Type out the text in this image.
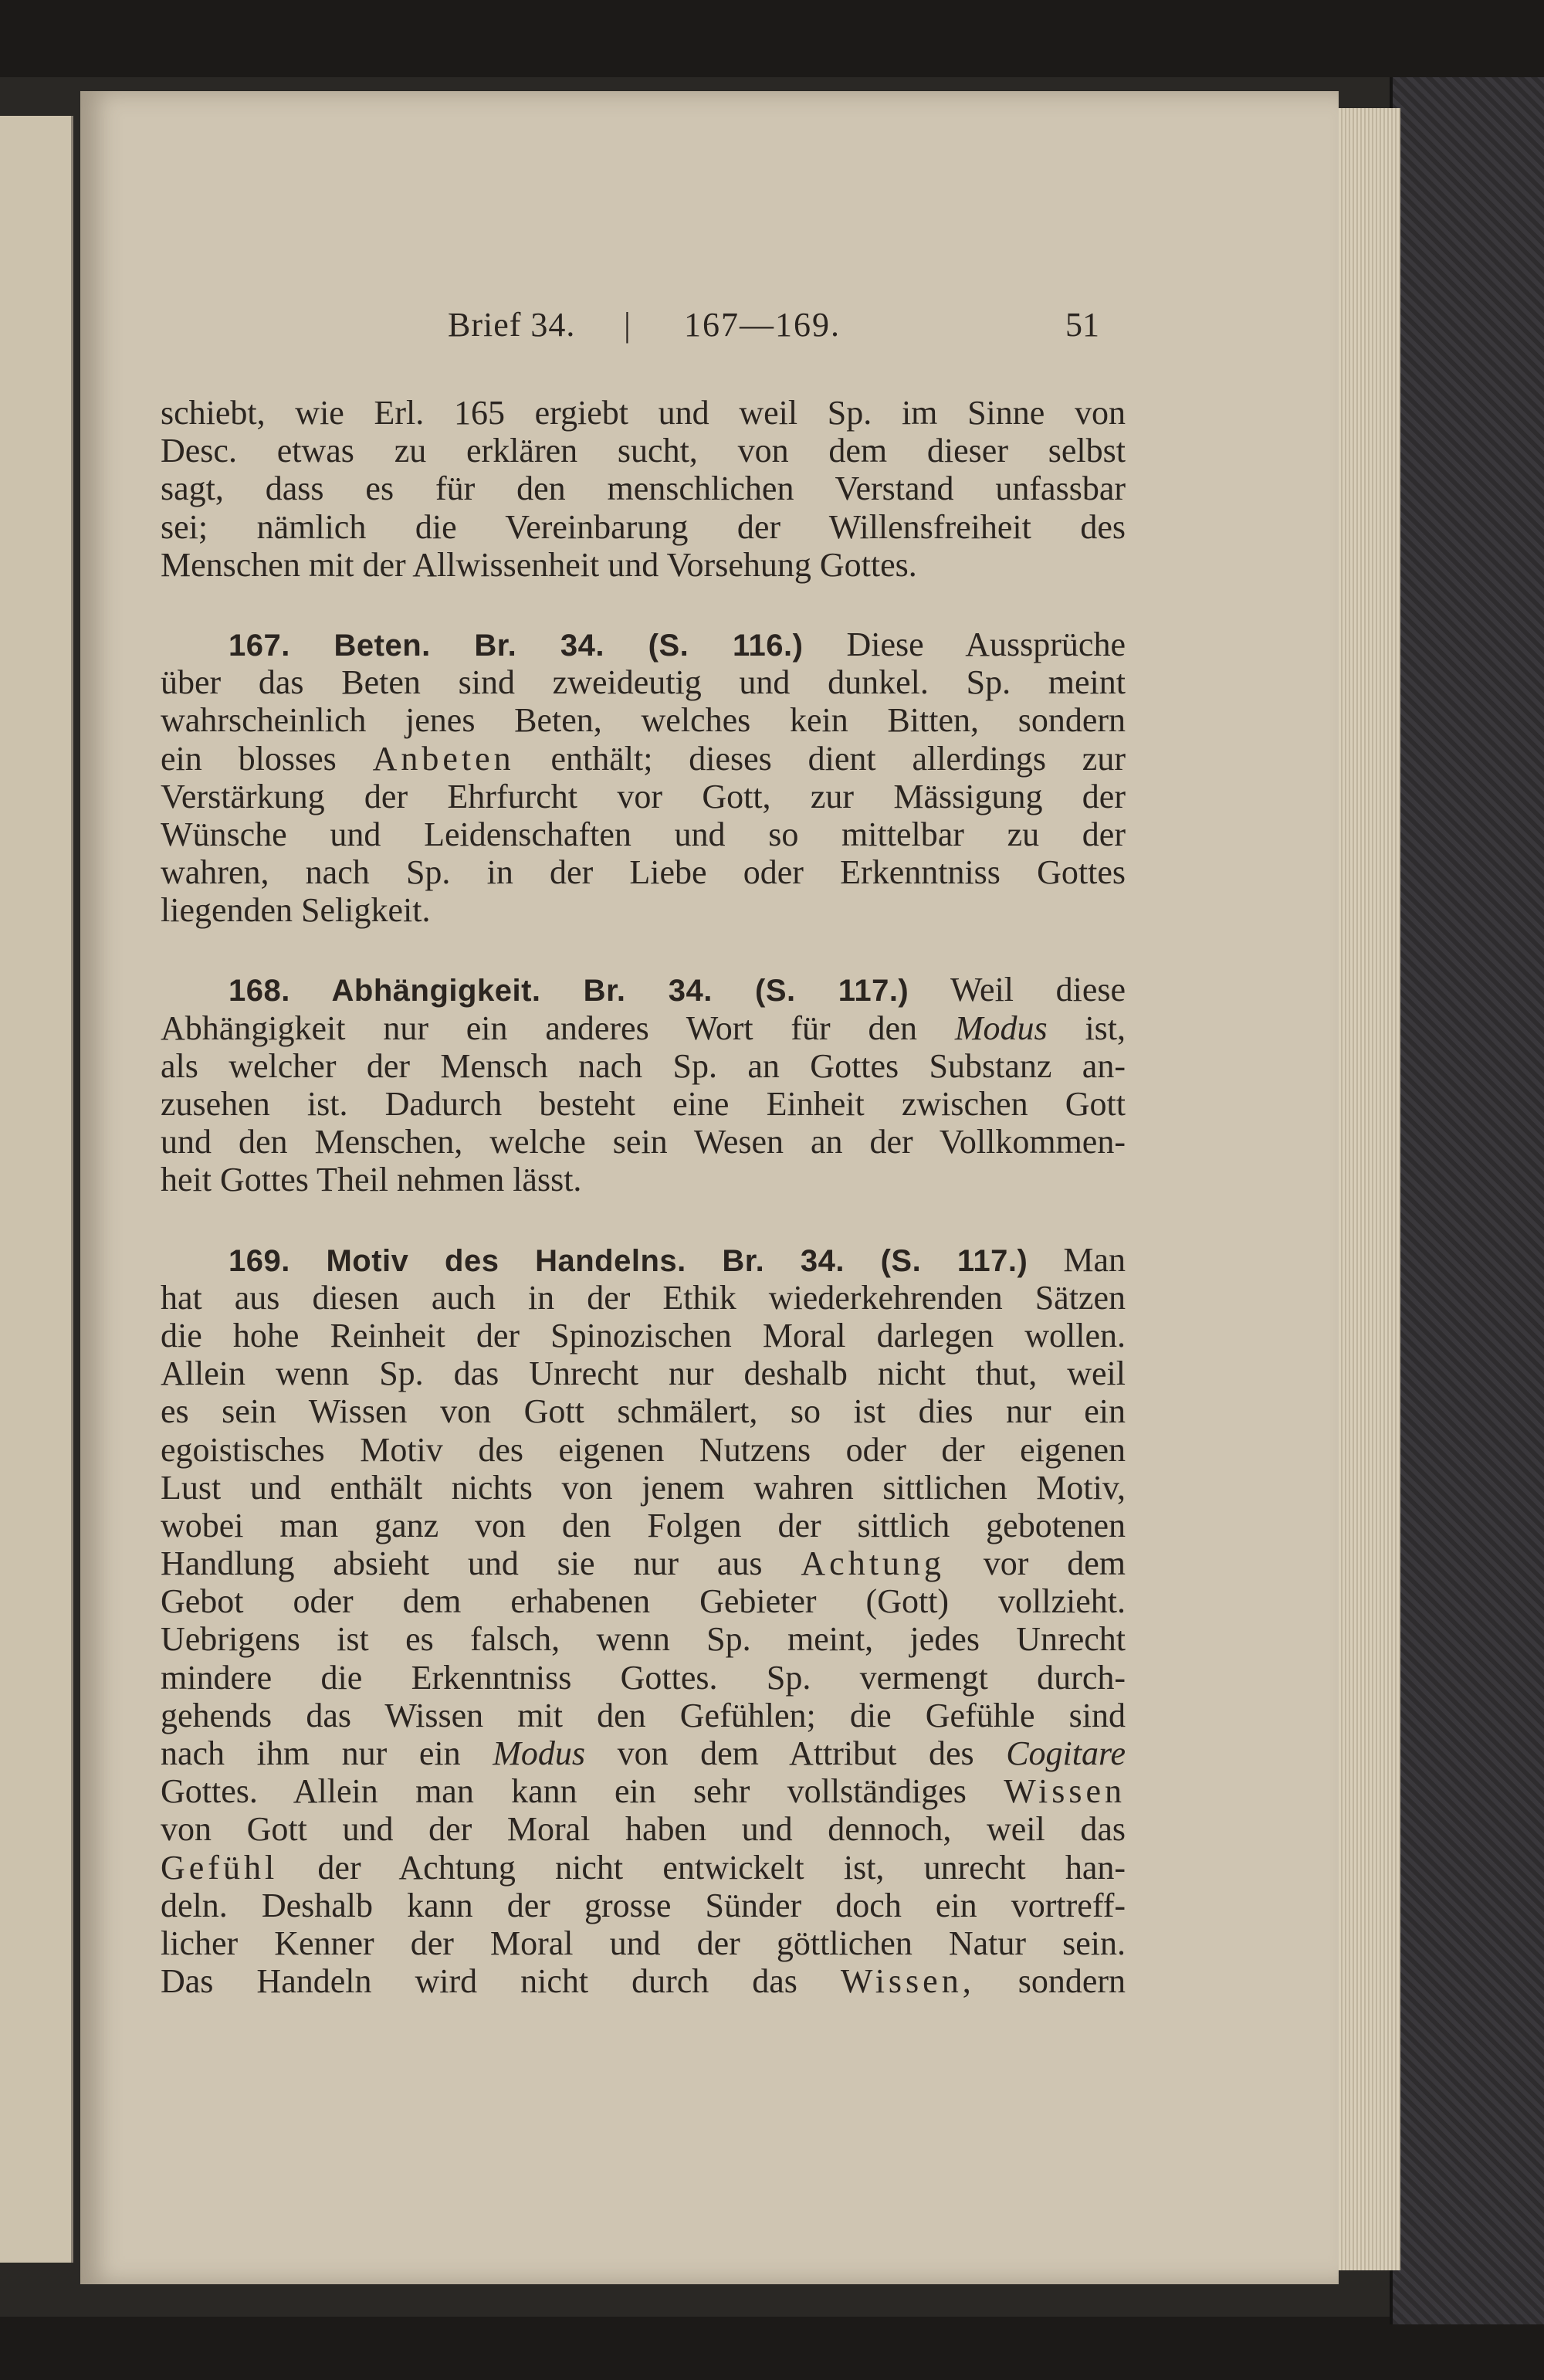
Brief 34. | 167—169.	51
schiebt, wie Erl. 165 ergiebt und weil Sp. im Sinne von
Desc. etwas zu erklären sucht, von dem dieser selbst
sagt, dass es für den menschlichen Verstand unfassbar
sei; nämlich die Vereinbarung der Willensfreiheit des
Menschen mit der Allwissenheit und Vorsehung Gottes.
167. Beten. Br. 34. (S. 116.) Diese Aussprüche
über das Beten sind zweideutig und dunkel. Sp. meint
wahrscheinlich jenes Beten, welches kein Bitten, sondern
ein blosses Anbeten enthält; dieses dient allerdings zur
Verstärkung der Ehrfurcht vor Gott, zur Mässigung der
Wünsche und Leidenschaften und so mittelbar zu der
wahren, nach Sp. in der Liebe oder Erkenntniss Gottes
liegenden Seligkeit.
168. Abhängigkeit. Br. 34. (S. 117.) Weil diese
Abhängigkeit nur ein anderes Wort für den Modus ist,
als welcher der Mensch nach Sp. an Gottes Substanz an-
zusehen ist. Dadurch besteht eine Einheit zwischen Gott
und den Menschen, welche sein Wesen an der Vollkommen-
heit Gottes Theil nehmen lässt.
169. Motiv des Handelns. Br. 34. (S. 117.) Man
hat aus diesen auch in der Ethik wiederkehrenden Sätzen
die hohe Reinheit der Spinozischen Moral darlegen wollen.
Allein wenn Sp. das Unrecht nur deshalb nicht thut, weil
es sein Wissen von Gott schmälert, so ist dies nur ein
egoistisches Motiv des eigenen Nutzens oder der eigenen
Lust und enthält nichts von jenem wahren sittlichen Motiv,
wobei man ganz von den Folgen der sittlich gebotenen
Handlung absieht und sie nur aus Achtung vor dem
Gebot oder dem erhabenen Gebieter (Gott) vollzieht.
Uebrigens ist es falsch, wenn Sp. meint, jedes Unrecht
mindere die Erkenntniss Gottes. Sp. vermengt durch-
gehends das Wissen mit den Gefühlen; die Gefühle sind
nach ihm nur ein Modus von dem Attribut des Cogitare
Gottes. Allein man kann ein sehr vollständiges Wissen
von Gott und der Moral haben und dennoch, weil das
Gefühl der Achtung nicht entwickelt ist, unrecht han-
deln. Deshalb kann der grosse Sünder doch ein vortreff-
licher Kenner der Moral und der göttlichen Natur sein.
Das Handeln wird nicht durch das Wissen, sondern
